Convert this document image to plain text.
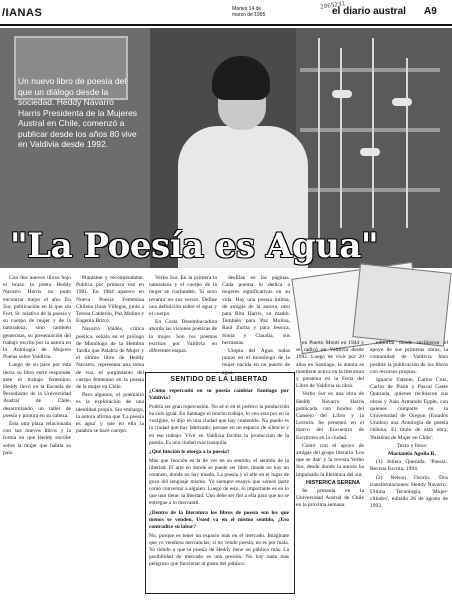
/IANAS	Martes 14 de
marzo de 1995
2065231
el diario austral A9
Un nuevo libro de poesía del que un diálogo desde la sociedad. Heddy Navarro Harris Presidenta de la Mujeres Austral en Chile, comenzó a publicar desde los años 80 vive en Valdivia desde 1992.
"La Poesía es Agua"

Con dos nuevos libros bajo el brazo la poeta Heddy Navarro Harris no pudo encontrar mejor el año. En Sur, publicación en la que sin Fort, Sr. relativo de la poesía y su cuerpo de mujer y de la naturaleza, sino también generosas, su presentación del trabajo escrito por la autora en la Antología de Mujeres Poetas sobre Valdivia.

Luego de su paso por esta tierra su libro entre responder ante el trabajo femenino, Heddy llevó en la Escuela de Periodismo de la Universidad Austral de Chile, desarrollando un taller de poesía y pintura en su cabeza.

Esta otra plaza relacionada con sus nuevos libros y la forma en que Heddy escribe sobre la mujer que habita su país.

Plántame y recomiéndame. Publica por primera vez en 1981. En 1984 aparece en Nueva Poesía Femenina Chilena (Juan Villegas, junto a Teresa Calderón, Paz Molina y Eugenia Brito).

Navarro Valdés, crítica poética, señala en el prólogo de Monólogo de la Hembra Tardía que Palabra de Mujer y el último libro de Heddy Navarro, representa una toma de voz, el surgimiento del cuerpo femenino en la poesía de la mujer en Chile.

Para algunos, el poemario es la exploración de una identidad propia. Sin embargo, la autora afirma que 'La poesía es agua' y que en ella la palabra se hace cuerpo.

Verbo Sur. En la primera la naturaleza y el cuerpo de la mujer se confunden. 'Si sexo levanta' en sus versos. Define una definición sobre el agua y el cuerpo.

En Costa Desembocadura aborda las visiones poéticas de la mujer. Son los poemas escritos por Valdivia en diferentes etapas.

desfilan en las páginas. Cada poema lo dedica a mujeres significativas en su vida. Hay una poesía íntima, de amigas de la autora, otro para Rita Harris, su madre. También para Paz Molina, Raúl Zurita y para Jessica, Sonia y Claudia, sus hermanas.

Utopía del Agua todas juntas en el monólogo de la mujer nacida en un puerto de agua.

SENTIDO DE LA LIBERTAD

¿Cómo repercutió en su poesía cambiar Santiago por Valdivia?

Podría ser gran repercusión. No sé si en el poético la producción ha sido igual. En Santiago el mucho trabajo, lo veo esta por en la vorágine, lo dijo en una ciudad que hay contenido. No puedo es la ciudad que hay fabricado, porque en un espacio de silencio y en ese trabajo. Vivir en Valdivia facilita la producción de la poesía. Es una ciudad más tranquila.

¿Qué función le otorga a la poesía?

Más que función es la de ver en su sentido, el sentido de la libertad. El arte en donde se puede ser libre, donde no hay un contrato, donde no hay miedo. La poesía y el arte en el lugar de gozo del lenguaje mismo. Yo siempre ensayo que somos parte como conversar a alguien. Luego de esto, lo importante es en lo que uno tiene: la libertad. Uno debe ser fiel a ella para que no se entregue a lo mercantil.

¿Dentro de la literatura los libros de poesía son los que menos se venden. Usted va en el mismo sentido, ¿Eso contradice su labor?

No, porque es tener un espacio más en el mercado. Imagínate que yo vendiera mercancías; si no vendo poesía, no es por mala. Yo tiendo a que la poesía de Heddy tiene un público más. La posibilidad de mercado es una presión. No hay nada más peligroso que funcionar al gusto del público.

en Puerto Montt en 1944 y se radicó en Valdivia desde 1992. Luego de vivir por 20 años en Santiago, la autora se mantiene activa en la literatura y presenta en la Feria del Libro de Valdivia su obra.

Verbo Sur es una obra de Heddy Navarro Harris publicada con fondos del Consejo del Libro y la Lectura. Se presentó en el marco del Encuentro de Escritores en la ciudad.

Contó con el apoyo de amigas del grupo literario 'Los que se dan' y la revista Verbo Sur, desde donde la autora ha impulsado la literatura del sur.

HISTERICA SERENA

Se presenta en la Universidad Austral de Chile en la próxima semana.

editorial donde recibieron el apoyo de sus primeras obras, la comunidad de Valdivia hizo posible la publicación de los libros con recursos propios.

Ignacio Valente, Carlos Cruz, Carlos de Pisón y Pascal Gaete Quezada, quienes recibieron sus obras y Juan Armando Epple, con quienes comparte en la Universidad de Oregon (Estados Unidos) una Antología de poesía chilena. El título de esta obra: 'Palabras de Mujer en Chile'.

Texto y fotos:

Marianela Aguila R.

(1) Julieta Quezada. 'Poesía'. Revista Escrita, 1994.

(2) Nelson Osorio. 'Dos transformaciones: Heddy Navarro'. Ultima Tecnología, 'Mujer-cilindro', editado 26 de agosto de 1993.
